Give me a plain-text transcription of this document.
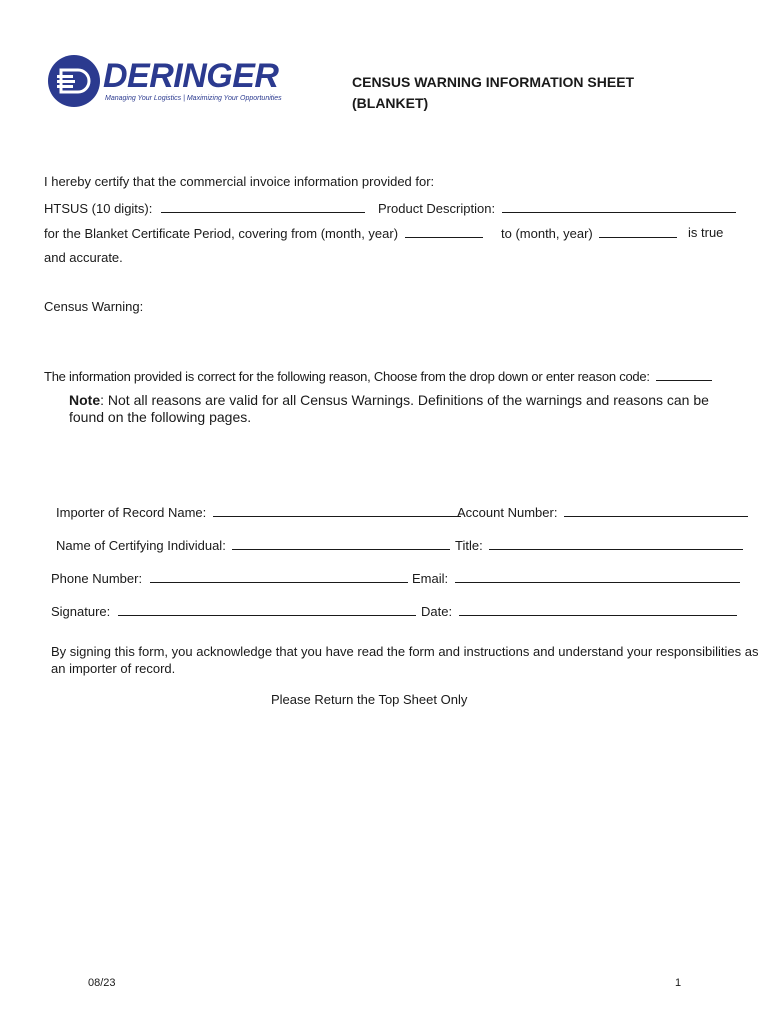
DERINGER
Managing Your Logistics | Maximizing Your Opportunities
CENSUS WARNING INFORMATION SHEET
(BLANKET)
I hereby certify that the commercial invoice information provided for:
HTSUS (10 digits):	Product Description:
for the Blanket Certificate Period, covering from (month, year)	to (month, year)	is true
and accurate.
Census Warning:
The information provided is correct for the following reason, Choose from the drop down or enter reason code:
Note: Not all reasons are valid for all Census Warnings. Definitions of the warnings and reasons can be found on the following pages.
Importer of Record Name:	Account Number:
Name of Certifying Individual:	Title:
Phone Number:	Email:
Signature:	Date:
By signing this form, you acknowledge that you have read the form and instructions and understand your responsibilities as
an importer of record.
Please Return the Top Sheet Only
08/23	1
